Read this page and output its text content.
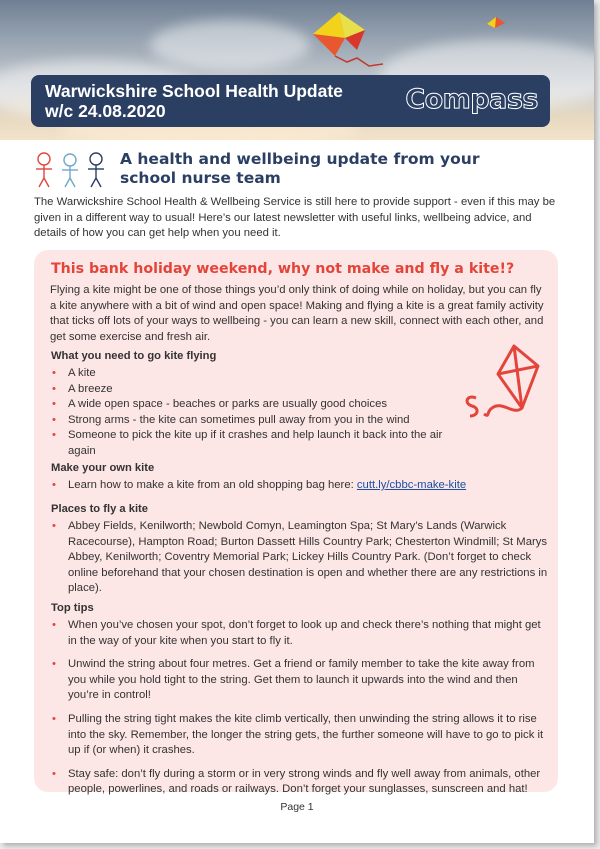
Warwickshire School Health Update
w/c 24.08.2020	Compass
A health and wellbeing update from your
school nurse team
The Warwickshire School Health & Wellbeing Service is still here to provide support - even if this may be given in a different way to usual! Here’s our latest newsletter with useful links, wellbeing advice, and details of how you can get help when you need it.
This bank holiday weekend, why not make and fly a kite!?
Flying a kite might be one of those things you’d only think of doing while on holiday, but you can fly a kite anywhere with a bit of wind and open space! Making and flying a kite is a great family activity that ticks off lots of your ways to wellbeing - you can learn a new skill, connect with each other, and get some exercise and fresh air.
What you need to go kite flying
• A kite
• A breeze
• A wide open space - beaches or parks are usually good choices
• Strong arms - the kite can sometimes pull away from you in the wind
• Someone to pick the kite up if it crashes and help launch it back into the air again
Make your own kite
• Learn how to make a kite from an old shopping bag here: cutt.ly/cbbc-make-kite
Places to fly a kite
• Abbey Fields, Kenilworth; Newbold Comyn, Leamington Spa; St Mary’s Lands (Warwick Racecourse), Hampton Road; Burton Dassett Hills Country Park; Chesterton Windmill; St Marys Abbey, Kenilworth; Coventry Memorial Park; Lickey Hills Country Park. (Don’t forget to check online beforehand that your chosen destination is open and whether there are any restrictions in place).
Top tips
• When you’ve chosen your spot, don’t forget to look up and check there’s nothing that might get in the way of your kite when you start to fly it.
• Unwind the string about four metres. Get a friend or family member to take the kite away from you while you hold tight to the string. Get them to launch it upwards into the wind and then you’re in control!
• Pulling the string tight makes the kite climb vertically, then unwinding the string allows it to rise into the sky. Remember, the longer the string gets, the further someone will have to go to pick it up if (or when) it crashes.
• Stay safe: don’t fly during a storm or in very strong winds and fly well away from animals, other people, powerlines, and roads or railways. Don’t forget your sunglasses, sunscreen and hat!
Page 1
